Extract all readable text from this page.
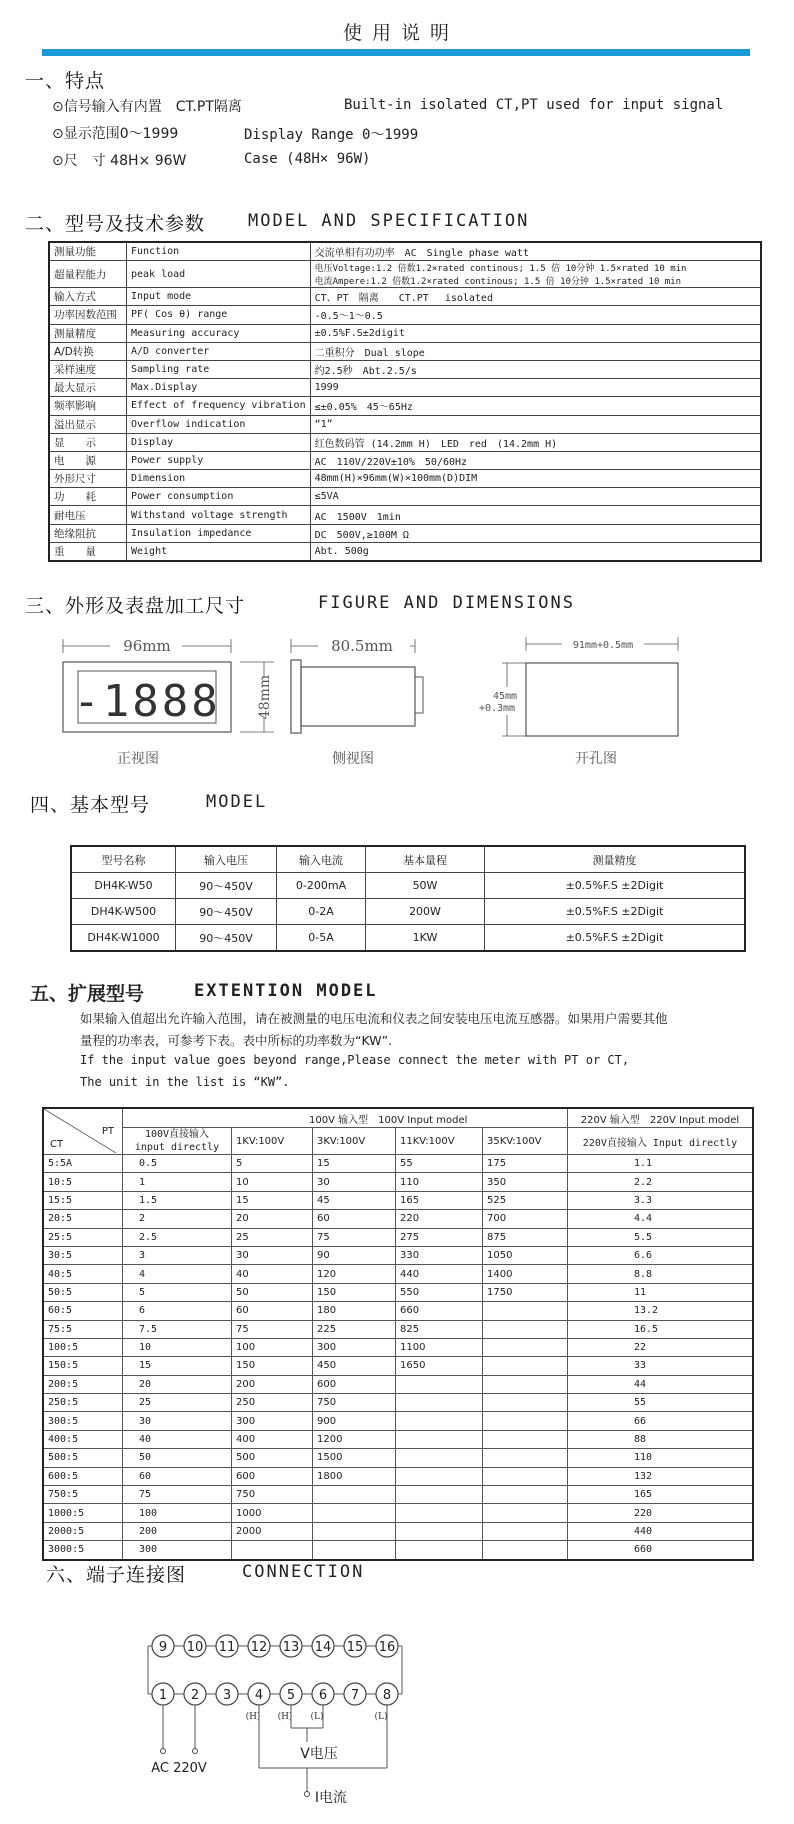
使 用 说 明
一、特点
⊙信号输入有内置　CT.PT隔离	Built-in isolated CT,PT used for input signal
⊙显示范围0～1999	Display Range 0～1999
⊙尺　寸 48H× 96W	Case (48H× 96W)
二、型号及技术参数	MODEL AND SPECIFICATION
测量功能	Function	交流单相有功功率　AC　Single phase watt
超量程能力	peak load	电压Voltage:1.2 倍数1.2×rated continous; 1.5 倍 10分钟 1.5×rated 10 min
电流Ampere:1.2 倍数1.2×rated continous; 1.5 倍 10分钟 1.5×rated 10 min

输入方式	Input mode	CT、PT　隔离　　CT.PT　 isolated
功率因数范围	PF( Cos θ) range	-0.5～1～0.5
测量精度	Measuring accuracy	±0.5%F.S±2digit
A/D转换	A/D converter	二重积分　Dual slope
采样速度	Sampling rate	约2.5秒　Abt.2.5/s
最大显示	Max.Display	1999
频率影响	Effect of frequency vibration	≤±0.05%　45～65Hz
溢出显示	Overflow indication	“1”
显　　示	Display	红色数码管 (14.2mm H)　LED　red　(14.2mm H)
电　　源	Power supply	AC　110V/220V±10%　50/60Hz
外形尺寸	Dimension	48mm(H)×96mm(W)×100mm(D)DIM
功　　耗	Power consumption	≤5VA
耐电压	Withstand voltage strength	AC　1500V　1min
绝缘阻抗	Insulation impedance	DC　500V,≥100M Ω
重　　量	Weight	Abt. 500g
三、外形及表盘加工尺寸	FIGURE AND DIMENSIONS
96mm
-1888	48mm
80.5mm	91mm+0.5mm
45mm
+0.3mm
正视图	侧视图	开孔图
四、基本型号	MODEL
型号名称	输入电压	输入电流	基本量程	测量精度
DH4K-W50	90～450V	0-200mA	50W	±0.5%F.S ±2Digit
DH4K-W500	90～450V	0-2A	200W	±0.5%F.S ±2Digit
DH4K-W1000	90～450V	0-5A	1KW	±0.5%F.S ±2Digit
五、扩展型号	EXTENTION MODEL
如果输入值超出允许输入范围，请在被测量的电压电流和仪表之间安装电压电流互感器。如果用户需要其他
量程的功率表，可参考下表。表中所标的功率数为“KW”.
If the input value goes beyond range,Please connect the meter with PT or CT,
The unit in the list is “KW”.
PT
CT	100V 输入型　100V Input model					220V 输入型　220V Input model

	100V直接输入
input directly	1KV:100V	3KV:100V	11KV:100V	35KV:100V	220V直接输入 Input directly
5:5A	0.5	5	15	55	175	1.1
10:5	1	10	30	110	350	2.2
15:5	1.5	15	45	165	525	3.3
20:5	2	20	60	220	700	4.4
25:5	2.5	25	75	275	875	5.5
30:5	3	30	90	330	1050	6.6
40:5	4	40	120	440	1400	8.8
50:5	5	50	150	550	1750	11
60:5	6	60	180	660		13.2
75:5	7.5	75	225	825		16.5
100:5	10	100	300	1100		22
150:5	15	150	450	1650		33
200:5	20	200	600			44
250:5	25	250	750			55
300:5	30	300	900			66
400:5	40	400	1200			88
500:5	50	500	1500			110
600:5	60	600	1800			132
750:5	75	750				165
1000:5	100	1000				220
2000:5	200	2000				440
3000:5	300					660
六、端子连接图	CONNECTION
9 10 11 12 13 14 15 16
1 2 3 4 5 6 7 8
AC 220V
(H) (H) (L)	(L)
V电压
I电流
